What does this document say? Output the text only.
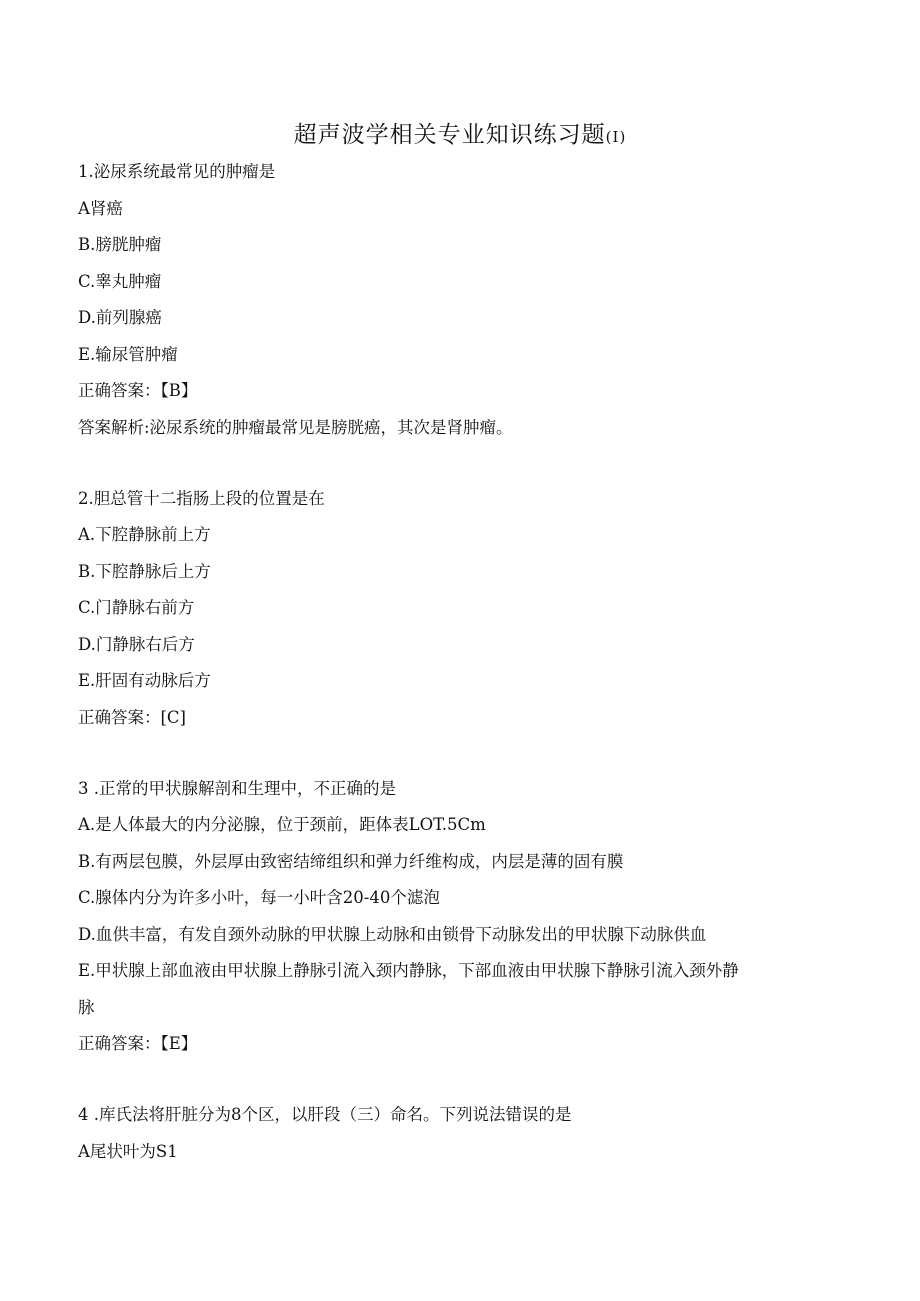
超声波学相关专业知识练习题(I)
1.泌尿系统最常见的肿瘤是
A肾癌
B.膀胱肿瘤
C.睾丸肿瘤
D.前列腺癌
E.输尿管肿瘤
正确答案：【B】
答案解析:泌尿系统的肿瘤最常见是膀胱癌，其次是肾肿瘤。
2.胆总管十二指肠上段的位置是在
A.下腔静脉前上方
B.下腔静脉后上方
C.门静脉右前方
D.门静脉右后方
E.肝固有动脉后方
正确答案：[C]
3 .正常的甲状腺解剖和生理中，不正确的是
A.是人体最大的内分泌腺，位于颈前，距体表LOT.5Cm
B.有两层包膜，外层厚由致密结缔组织和弹力纤维构成，内层是薄的固有膜
C.腺体内分为许多小叶，每一小叶含20-40个滤泡
D.血供丰富，有发自颈外动脉的甲状腺上动脉和由锁骨下动脉发出的甲状腺下动脉供血
E.甲状腺上部血液由甲状腺上静脉引流入颈内静脉，下部血液由甲状腺下静脉引流入颈外静
脉
正确答案：【E】
4 .库氏法将肝脏分为8个区，以肝段（三）命名。下列说法错误的是
A尾状叶为S1
